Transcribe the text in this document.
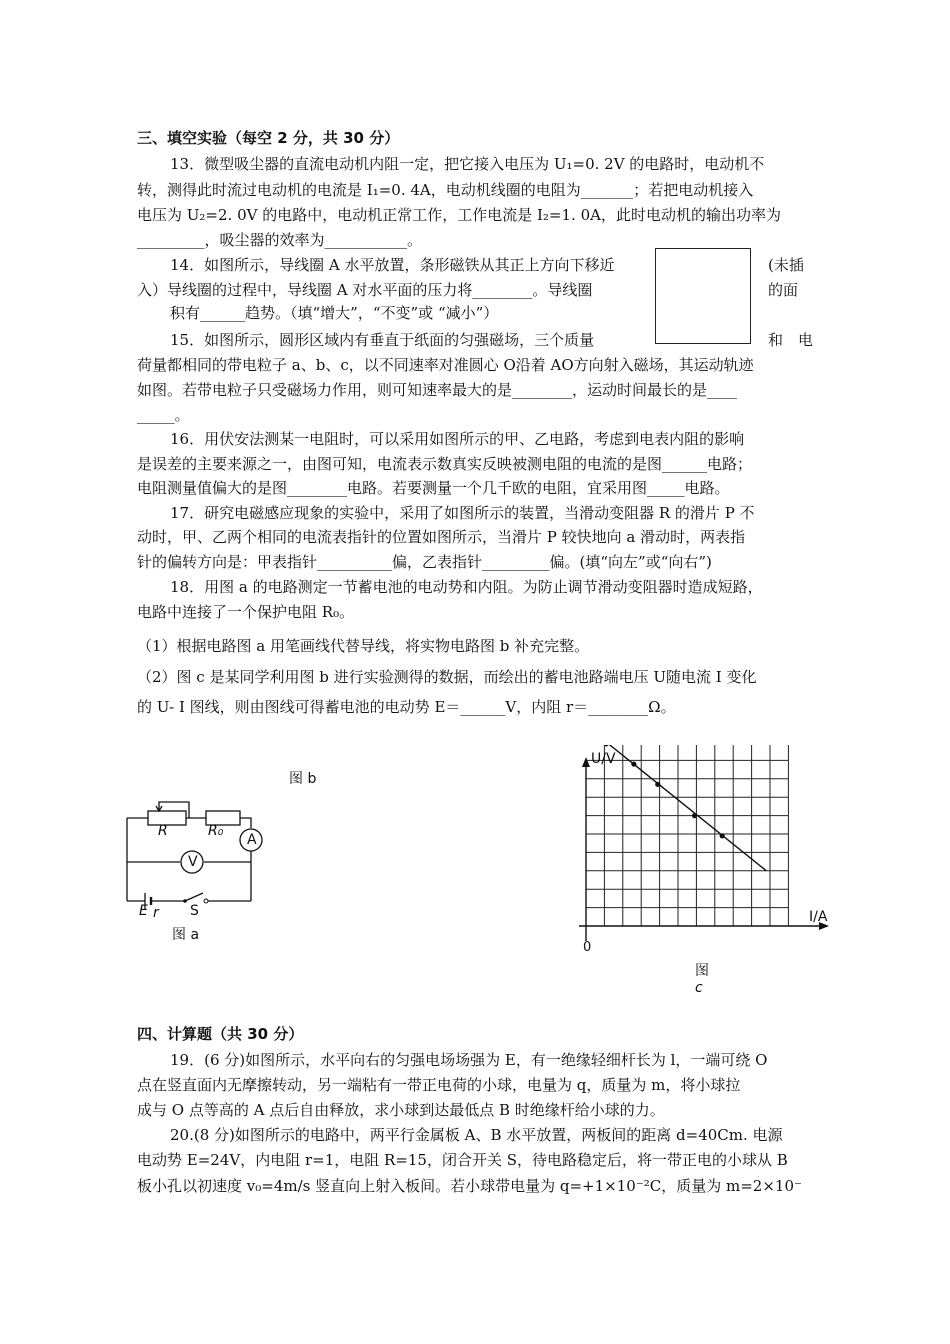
三、填空实验（每空 2 分，共 30 分）
13．微型吸尘器的直流电动机内阻一定，把它接入电压为 U₁=0. 2V 的电路时，电动机不
转，测得此时流过电动机的电流是 I₁=0. 4A，电动机线圈的电阻为_______；若把电动机接入
电压为 U₂=2. 0V 的电路中，电动机正常工作，工作电流是 I₂=1. 0A，此时电动机的输出功率为
_________，吸尘器的效率为___________。
14．如图所示，导线圈 A 水平放置，条形磁铁从其正上方向下移近
入）导线圈的过程中，导线圈 A 对水平面的压力将________。导线圈
积有______趋势。（填“增大”，“不变”或 “减小”）
(未插
的面
15．如图所示，圆形区域内有垂直于纸面的匀强磁场，三个质量	和　电
荷量都相同的带电粒子 a、b、c，以不同速率对准圆心 O沿着 AO方向射入磁场，其运动轨迹
如图。若带电粒子只受磁场力作用，则可知速率最大的是________，运动时间最长的是____
_____。
16．用伏安法测某一电阻时，可以采用如图所示的甲、乙电路，考虑到电表内阻的影响
是误差的主要来源之一，由图可知，电流表示数真实反映被测电阻的电流的是图______电路；
电阻测量值偏大的是图________电路。若要测量一个几千欧的电阻，宜采用图_____电路。
17．研究电磁感应现象的实验中，采用了如图所示的装置，当滑动变阻器 R 的滑片 P 不
动时，甲、乙两个相同的电流表指针的位置如图所示，当滑片 P 较快地向 a 滑动时，两表指
针的偏转方向是：甲表指针__________偏，乙表指针_________偏。(填“向左”或“向右”)
18．用图 a 的电路测定一节蓄电池的电动势和内阻。为防止调节滑动变阻器时造成短路，
电路中连接了一个保护电阻 R₀。
（1）根据电路图 a 用笔画线代替导线，将实物电路图 b 补充完整。
（2）图 c 是某同学利用图 b 进行实验测得的数据，而绘出的蓄电池路端电压 U随电流 I 变化
的 U- I 图线，则由图线可得蓄电池的电动势 E＝______V，内阻 r＝________Ω。
图 b
R	R₀
A
V
E r S
图 a
U/V
I/A
0
图
c
四、计算题（共 30 分）
19．(6 分)如图所示，水平向右的匀强电场场强为 E，有一绝缘轻细杆长为 l，一端可绕 O
点在竖直面内无摩擦转动，另一端粘有一带正电荷的小球，电量为 q，质量为 m，将小球拉
成与 O 点等高的 A 点后自由释放，求小球到达最低点 B 时绝缘杆给小球的力。
20.(8 分)如图所示的电路中，两平行金属板 A、B 水平放置，两板间的距离 d=40Cm. 电源
电动势 E=24V，内电阻 r=1，电阻 R=15，闭合开关 S，待电路稳定后，将一带正电的小球从 B
板小孔以初速度 v₀=4m/s 竖直向上射入板间。若小球带电量为 q=+1×10⁻²C，质量为 m=2×10⁻
